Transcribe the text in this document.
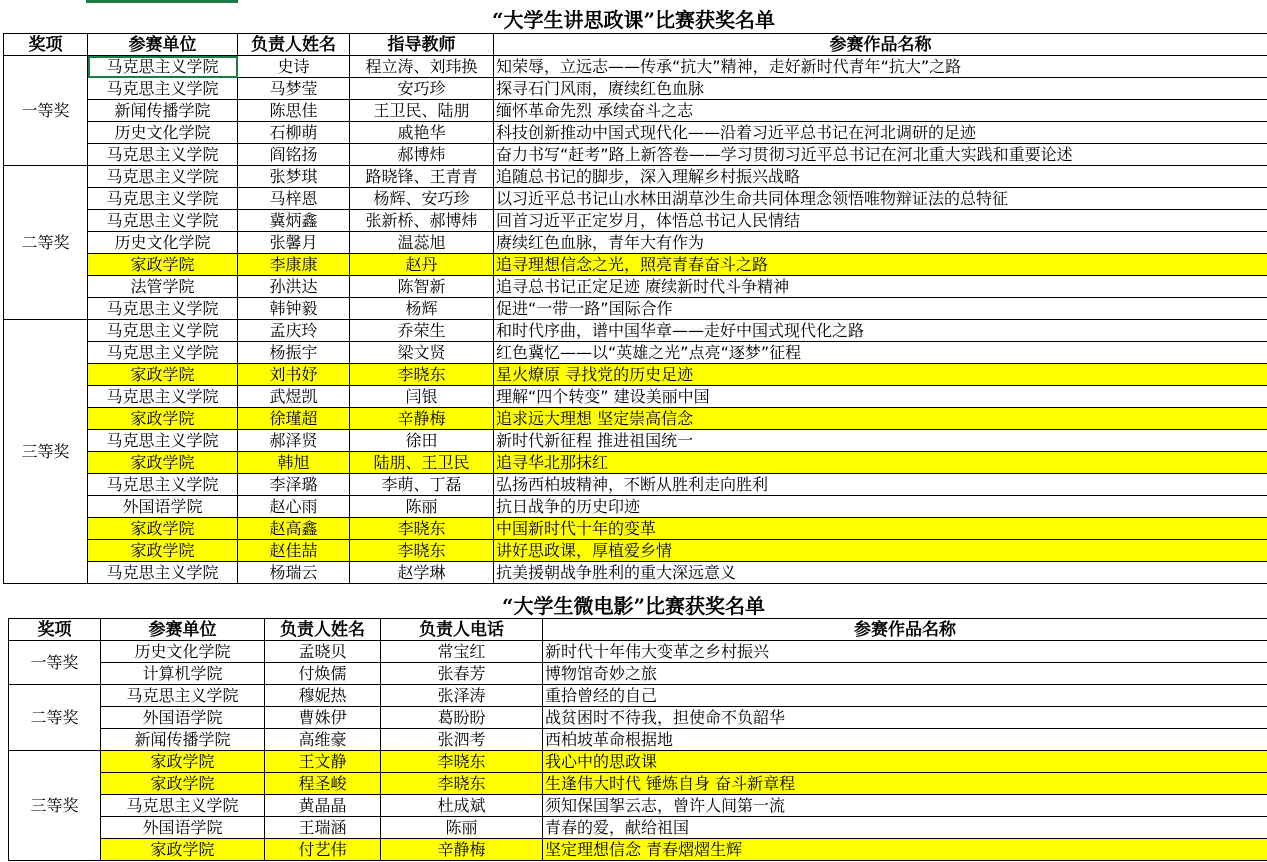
“大学生讲思政课”比赛获奖名单
奖项	参赛单位	负责人姓名	指导教师	参赛作品名称
一等奖	马克思主义学院	史诗	程立涛、刘玮换	知荣辱，立远志——传承“抗大”精神，走好新时代青年“抗大”之路
	马克思主义学院	马梦莹	安巧珍	探寻石门风雨，赓续红色血脉
	新闻传播学院	陈思佳	王卫民、陆朋	缅怀革命先烈 承续奋斗之志
	历史文化学院	石柳萌	戚艳华	科技创新推动中国式现代化——沿着习近平总书记在河北调研的足迹
	马克思主义学院	阎铭扬	郝博炜	奋力书写“赶考”路上新答卷——学习贯彻习近平总书记在河北重大实践和重要论述
二等奖	马克思主义学院	张梦琪	路晓锋、王青青	追随总书记的脚步，深入理解乡村振兴战略
	马克思主义学院	马梓恩	杨辉、安巧珍	以习近平总书记山水林田湖草沙生命共同体理念领悟唯物辩证法的总特征
	马克思主义学院	冀炳鑫	张新桥、郝博炜	回首习近平正定岁月，体悟总书记人民情结
	历史文化学院	张馨月	温蕊旭	赓续红色血脉，青年大有作为
	家政学院	李康康	赵丹	追寻理想信念之光，照亮青春奋斗之路
	法管学院	孙洪达	陈智新	追寻总书记正定足迹 赓续新时代斗争精神
	马克思主义学院	韩钟毅	杨辉	促进“一带一路”国际合作
三等奖	马克思主义学院	孟庆玲	乔荣生	和时代序曲，谱中国华章——走好中国式现代化之路
	马克思主义学院	杨振宇	梁文贤	红色冀忆——以“英雄之光”点亮“逐梦”征程
	家政学院	刘书妤	李晓东	星火燎原 寻找党的历史足迹
	马克思主义学院	武煜凯	闫银	理解“四个转变” 建设美丽中国
	家政学院	徐瑾超	辛静梅	追求远大理想 坚定崇高信念
	马克思主义学院	郝泽贤	徐田	新时代新征程 推进祖国统一
	家政学院	韩旭	陆朋、王卫民	追寻华北那抹红
	马克思主义学院	李泽璐	李萌、丁磊	弘扬西柏坡精神，不断从胜利走向胜利
	外国语学院	赵心雨	陈丽	抗日战争的历史印迹
	家政学院	赵高鑫	李晓东	中国新时代十年的变革
	家政学院	赵佳喆	李晓东	讲好思政课，厚植爱乡情
	马克思主义学院	杨瑞云	赵学琳	抗美援朝战争胜利的重大深远意义
“大学生微电影”比赛获奖名单
奖项	参赛单位	负责人姓名	负责人电话	参赛作品名称
一等奖	历史文化学院	孟晓贝	常宝红	新时代十年伟大变革之乡村振兴
	计算机学院	付焕儒	张春芳	博物馆奇妙之旅
二等奖	马克思主义学院	穆妮热	张泽涛	重拾曾经的自己
	外国语学院	曹姝伊	葛盼盼	战贫困时不待我，担使命不负韶华
	新闻传播学院	高维豪	张泗考	西柏坡革命根据地
三等奖	家政学院	王文静	李晓东	我心中的思政课
	家政学院	程圣峻	李晓东	生逢伟大时代 锤炼自身 奋斗新章程
	马克思主义学院	黄晶晶	杜成斌	须知保国挐云志，曾许人间第一流
	外国语学院	王瑞涵	陈丽	青春的爱，献给祖国
	家政学院	付艺伟	辛静梅	坚定理想信念 青春熠熠生辉
